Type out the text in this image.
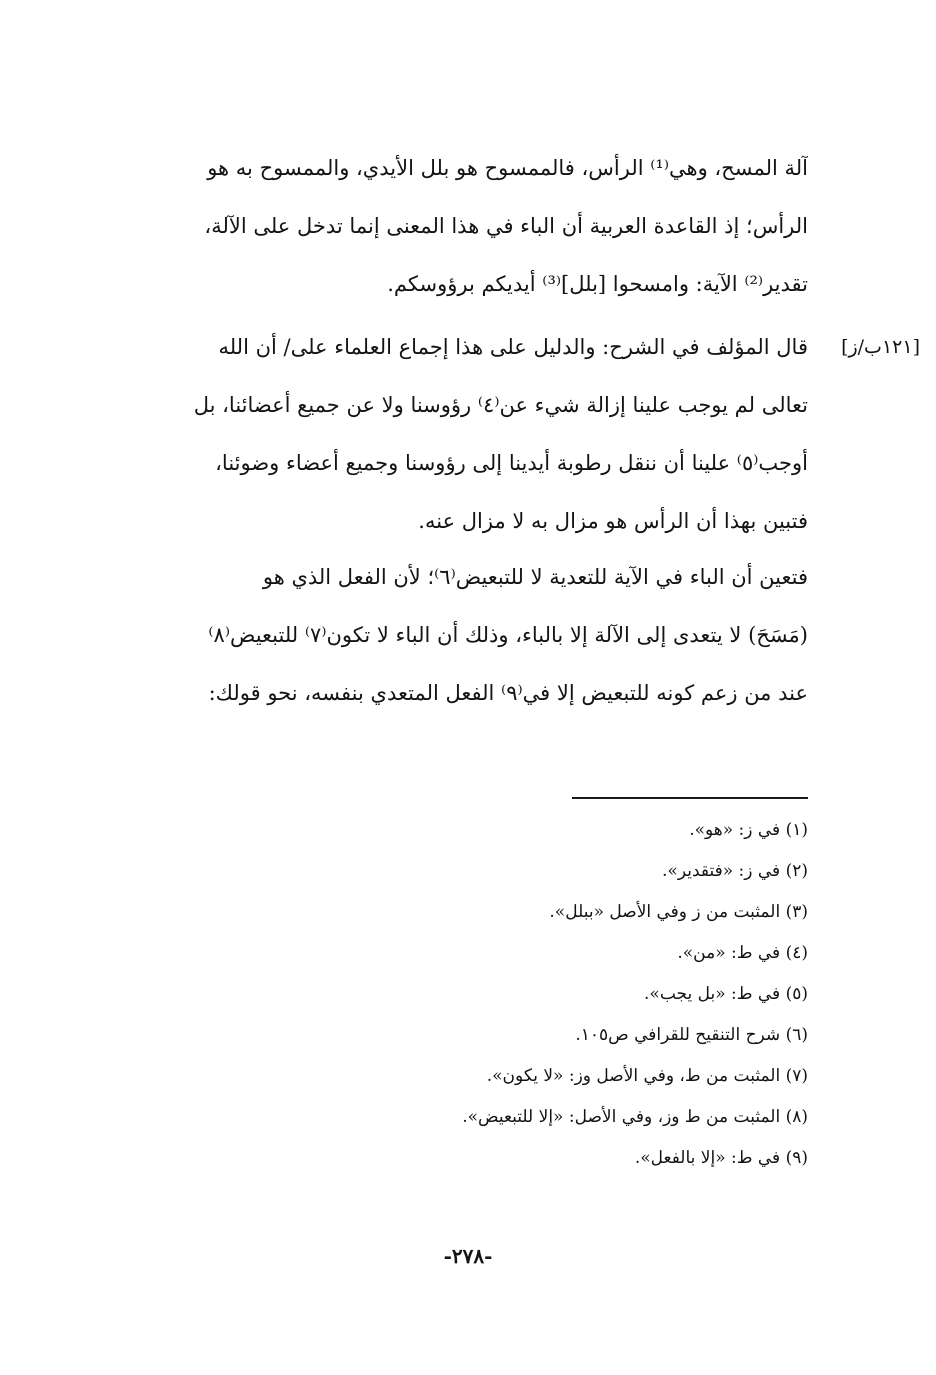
آلة المسح، وهي⁽¹⁾ الرأس، فالممسوح هو بلل الأيدي، والممسوح به هو
الرأس؛ إذ القاعدة العربية أن الباء في هذا المعنى إنما تدخل على الآلة،
تقدير⁽²⁾ الآية: وامسحوا [بلل]⁽³⁾ أيديكم برؤوسكم.
[١٢١ب/ز]
قال المؤلف في الشرح: والدليل على هذا إجماع العلماء على/ أن الله
تعالى لم يوجب علينا إزالة شيء عن⁽٤⁾ رؤوسنا ولا عن جميع أعضائنا، بل
أوجب⁽٥⁾ علينا أن ننقل رطوبة أيدينا إلى رؤوسنا وجميع أعضاء وضوئنا،
فتبين بهذا أن الرأس هو مزال به لا مزال عنه.
فتعين أن الباء في الآية للتعدية لا للتبعيض⁽٦⁾؛ لأن الفعل الذي هو
(مَسَحَ) لا يتعدى إلى الآلة إلا بالباء، وذلك أن الباء لا تكون⁽٧⁾ للتبعيض⁽٨⁾
عند من زعم كونه للتبعيض إلا في⁽٩⁾ الفعل المتعدي بنفسه، نحو قولك:
(١) في ز: «هو».
(٢) في ز: «فتقدير».
(٣) المثبت من ز وفي الأصل «ببلل».
(٤) في ط: «من».
(٥) في ط: «بل يجب».
(٦) شرح التنقيح للقرافي ص١٠٥.
(٧) المثبت من ط، وفي الأصل وز: «لا يكون».
(٨) المثبت من ط وز، وفي الأصل: «إلا للتبعيض».
(٩) في ط: «إلا بالفعل».
-٢٧٨-
